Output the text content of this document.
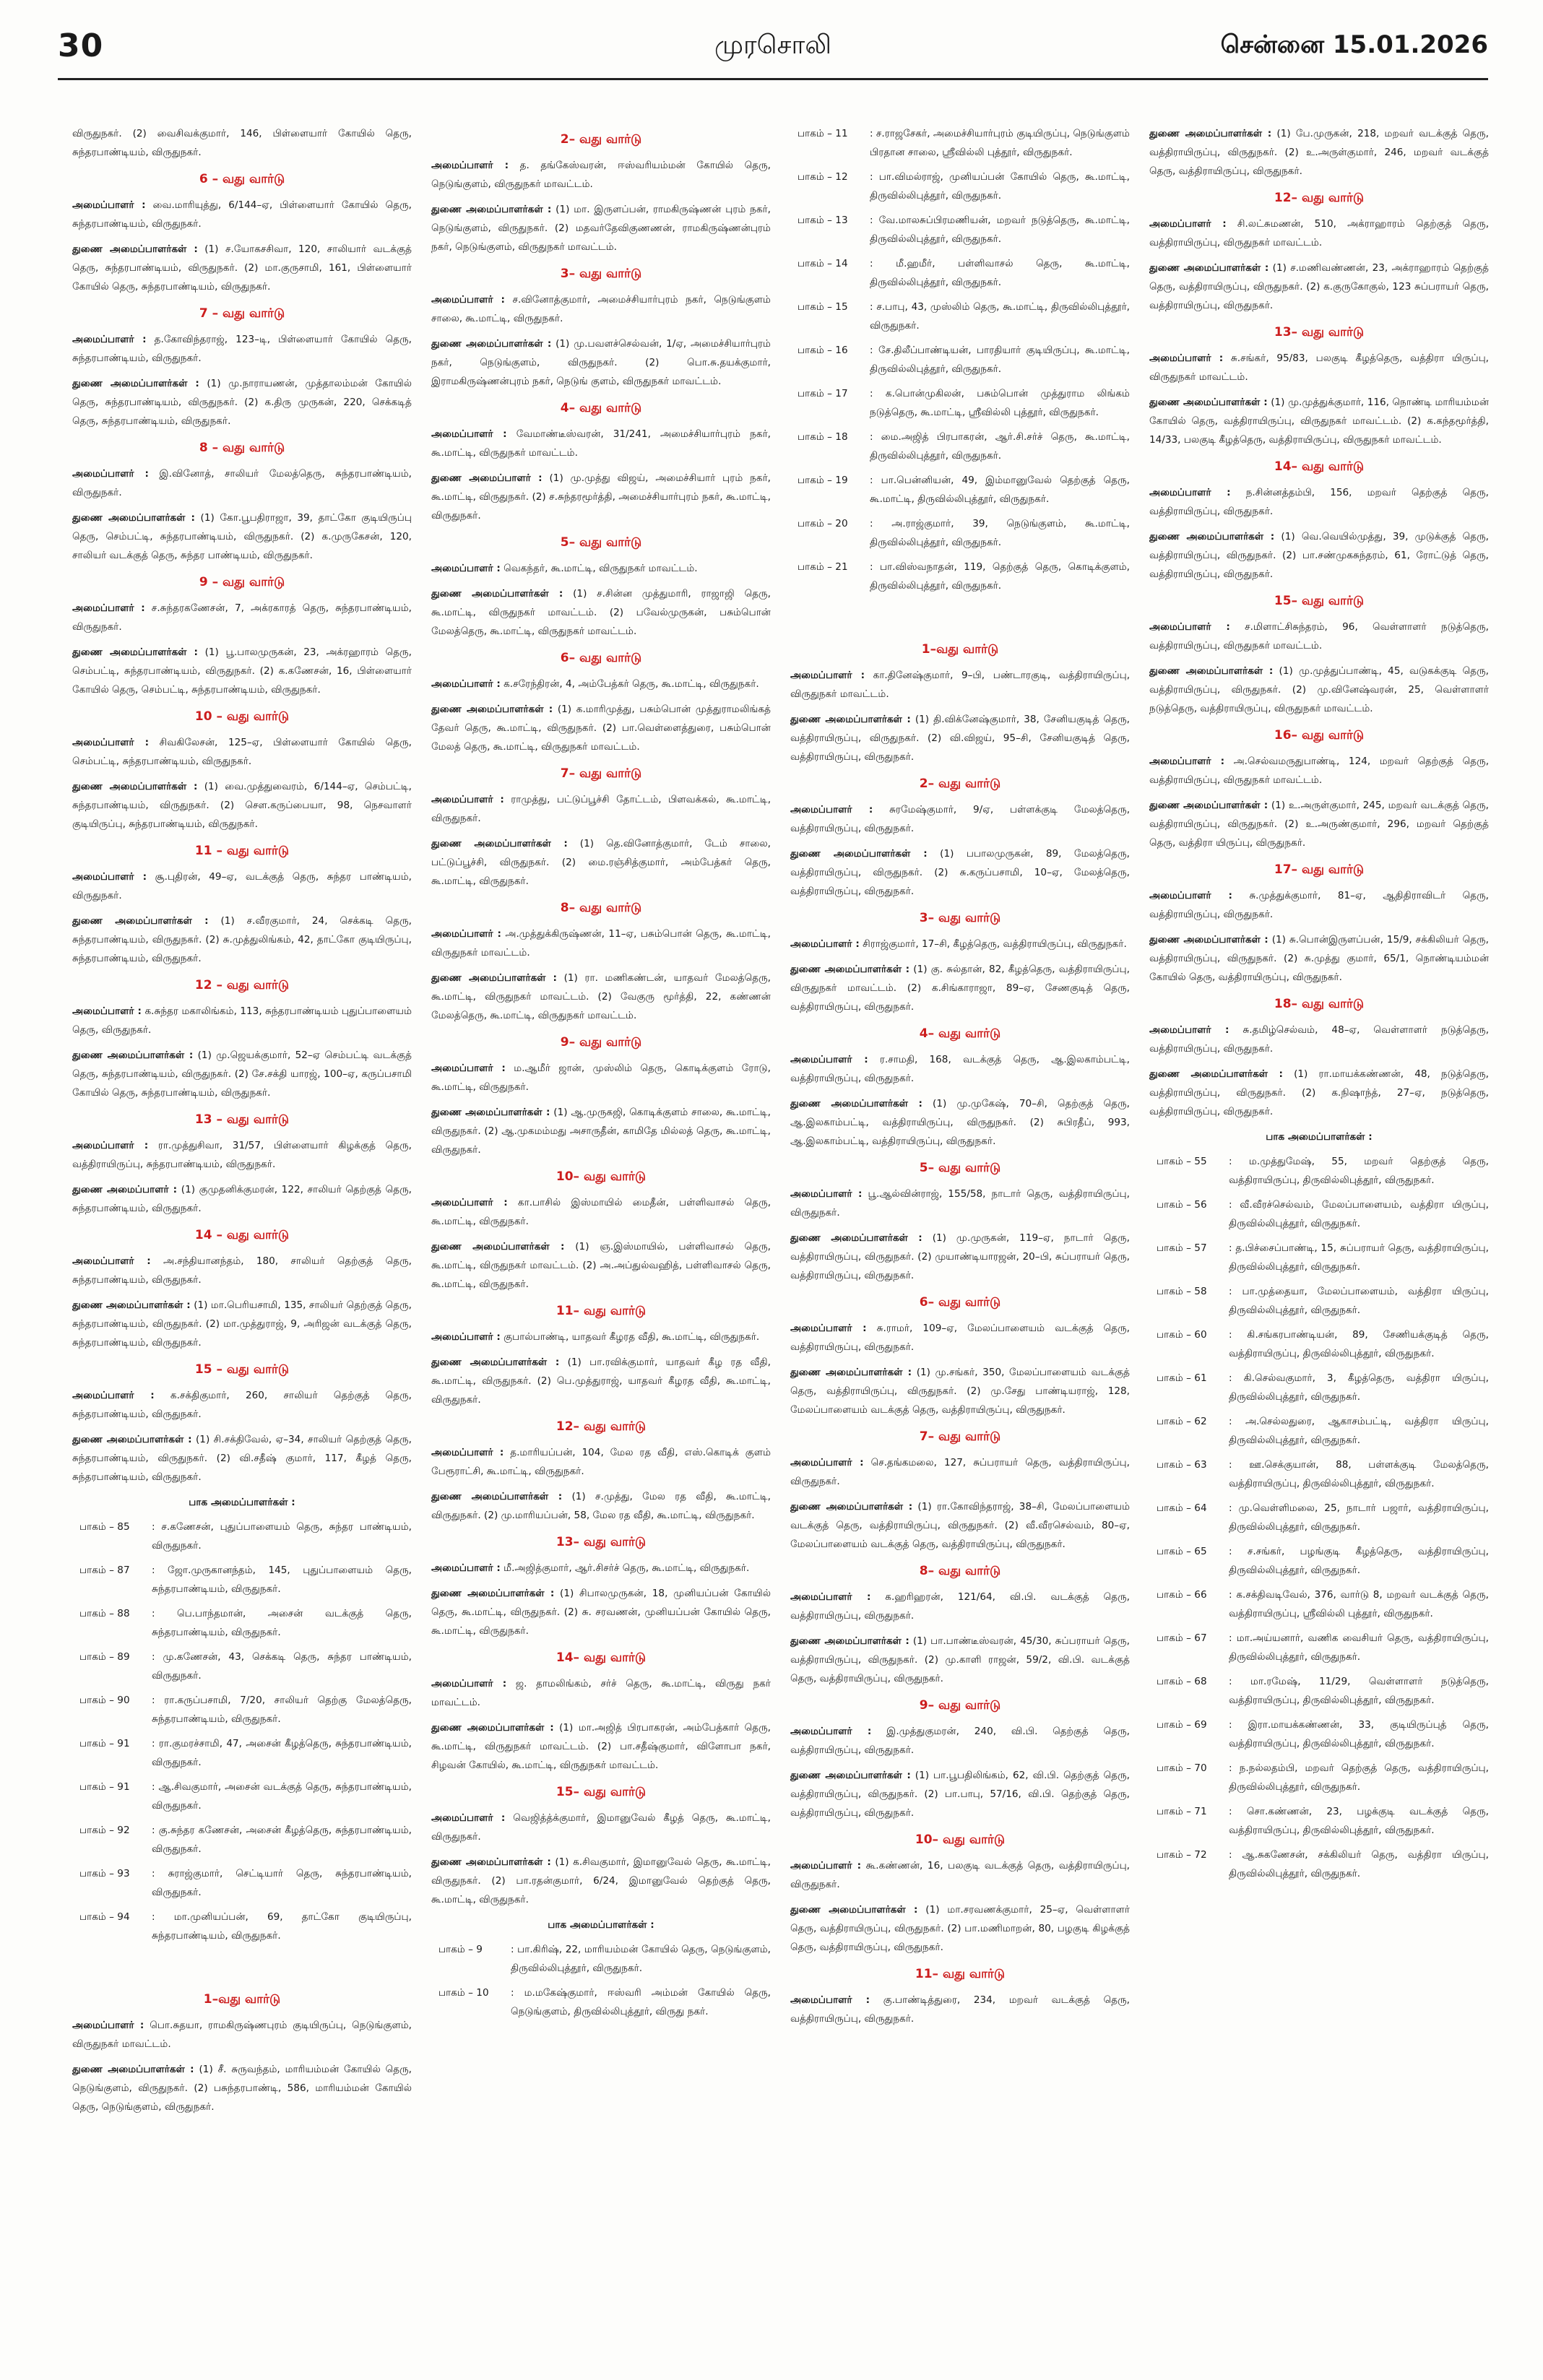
30	முரசொலி	சென்னை 15.01.2026

விருதுநகர். (2) வைசிவக்குமார், 146, பிள்ளையார் கோயில் தெரு, சுந்தரபாண்டியம், விருதுநகர்.

6 – வது வார்டு

அமைப்பாளர் : வை.மாரியுத்து, 6/144–ஏ, பிள்ளையார் கோயில் தெரு, சுந்தரபாண்டியம், விருதுநகர்.

துணை அமைப்பாளர்கள் : (1) ச.யோகசசிவா, 120, சாலியார் வடக்குத் தெரு, சுந்தரபாண்டியம், விருதுநகர். (2) மா.குருசாமி, 161, பிள்ளையார் கோயில் தெரு, சுந்தரபாண்டியம், விருதுநகர்.

7 – வது வார்டு

அமைப்பாளர் : த.கோவிந்தராஜ், 123–டி, பிள்ளையார் கோயில் தெரு, சுந்தரபாண்டியம், விருதுநகர்.

துணை அமைப்பாளர்கள் : (1) மு.நாராயணன், முத்தாலம்மன் கோயில் தெரு, சுந்தரபாண்டியம், விருதுநகர். (2) க.திரு முருகன், 220, செக்கடித் தெரு, சுந்தரபாண்டியம், விருதுநகர்.

8 – வது வார்டு

அமைப்பாளர் : இ.வினோத், சாலியர் மேலத்தெரு, சுந்தரபாண்டியம், விருதுநகர்.

துணை அமைப்பாளர்கள் : (1) கோ.பூபதிராஜா, 39, தாட்கோ குடியிருப்பு தெரு, செம்பட்டி, சுந்தரபாண்டியம், விருதுநகர். (2) க.முருகேசன், 120, சாலியர் வடக்குத் தெரு, சுந்தர பாண்டியம், விருதுநகர்.

9 – வது வார்டு

அமைப்பாளர் : ச.சுந்தரகணேசன், 7, அக்ரகாரத் தெரு, சுந்தரபாண்டியம், விருதுநகர்.

துணை அமைப்பாளர்கள் : (1) பூ.பாலமுருகன், 23, அக்ரஹாரம் தெரு, செம்பட்டி, சுந்தரபாண்டியம், விருதுநகர். (2) க.கணேசன், 16, பிள்ளையார் கோயில் தெரு, செம்பட்டி, சுந்தரபாண்டியம், விருதுநகர்.

10 – வது வார்டு

அமைப்பாளர் : சிவகிலேசன், 125–ஏ, பிள்ளையார் கோயில் தெரு, செம்பட்டி, சுந்தரபாண்டியம், விருதுநகர்.

துணை அமைப்பாளர்கள் : (1) வை.முத்துவைரம், 6/144–ஏ, செம்பட்டி, சுந்தரபாண்டியம், விருதுநகர். (2) சௌ.கருப்பையா, 98, நெசவாளர் குடியிருப்பு, சுந்தரபாண்டியம், விருதுநகர்.

11 – வது வார்டு

அமைப்பாளர் : சூ.புதிரன், 49–ஏ, வடக்குத் தெரு, சுந்தர பாண்டியம், விருதுநகர்.

துணை அமைப்பாளர்கள் : (1) ச.வீரகுமார், 24, செக்கடி தெரு, சுந்தரபாண்டியம், விருதுநகர். (2) சு.முத்துலிங்கம், 42, தாட்கோ குடியிருப்பு, சுந்தரபாண்டியம், விருதுநகர்.

12 – வது வார்டு

அமைப்பாளர் : க.சுந்தர மகாலிங்கம், 113, சுந்தரபாண்டியம் புதுப்பாளையம் தெரு, விருதுநகர்.

துணை அமைப்பாளர்கள் : (1) மு.ஜெயக்குமார், 52–ஏ செம்பட்டி வடக்குத் தெரு, சுந்தரபாண்டியம், விருதுநகர். (2) சே.சக்தி யாரஜ், 100–ஏ, கருப்பசாமி கோயில் தெரு, சுந்தரபாண்டியம், விருதுநகர்.

13 – வது வார்டு

அமைப்பாளர் : ரா.முத்துசிவா, 31/57, பிள்ளையார் கிழக்குத் தெரு, வத்திராயிருப்பு, சுந்தரபாண்டியம், விருதுநகர்.

துணை அமைப்பாளர் : (1) குமுதனிக்குமரன், 122, சாலியர் தெற்குத் தெரு, சுந்தரபாண்டியம், விருதுநகர்.

14 – வது வார்டு

அமைப்பாளர் : அ.சந்தியானந்தம், 180, சாலியர் தெற்குத் தெரு, சுந்தரபாண்டியம், விருதுநகர்.

துணை அமைப்பாளர்கள் : (1) மா.பெரியசாமி, 135, சாலியர் தெற்குத் தெரு, சுந்தரபாண்டியம், விருதுநகர். (2) மா.முத்துராஜ், 9, அரிஜன் வடக்குத் தெரு, சுந்தரபாண்டியம், விருதுநகர்.

15 – வது வார்டு

அமைப்பாளர் : க.சக்திகுமார், 260, சாலியர் தெற்குத் தெரு, சுந்தரபாண்டியம், விருதுநகர்.

துணை அமைப்பாளர்கள் : (1) சி.சக்திவேல், ஏ–34, சாலியர் தெற்குத் தெரு, சுந்தரபாண்டியம், விருதுநகர். (2) வி.சதீஷ் குமார், 117, கீழத் தெரு, சுந்தரபாண்டியம், விருதுநகர்.

பாக அமைப்பாளர்கள் :
பாகம் – 85	: ச.கணேசன், புதுப்பாளையம் தெரு, சுந்தர பாண்டியம், விருதுநகர்.
பாகம் – 87	: ஜோ.முருகானந்தம், 145, புதுப்பாளையம் தெரு, சுந்தரபாண்டியம், விருதுநகர்.
பாகம் – 88	: பெ.பாந்தமான், அசைன் வடக்குத் தெரு, சுந்தரபாண்டியம், விருதுநகர்.
பாகம் – 89	: மு.கணேசன், 43, செக்கடி தெரு, சுந்தர பாண்டியம், விருதுநகர்.
பாகம் – 90	: ரா.கருப்பசாமி, 7/20, சாலியர் தெற்கு மேலத்தெரு, சுந்தரபாண்டியம், விருதுநகர்.
பாகம் – 91	: ரா.குமரச்சாமி, 47, அசைன் கீழத்தெரு, சுந்தரபாண்டியம், விருதுநகர்.
பாகம் – 91	: ஆ.சிவகுமார், அசைன் வடக்குத் தெரு, சுந்தரபாண்டியம், விருதுநகர்.
பாகம் – 92	: கு.சுந்தர கணேசன், அசைன் கீழத்தெரு, சுந்தரபாண்டியம், விருதுநகர்.
பாகம் – 93	: சுராஜ்குமார், செட்டியார் தெரு, சுந்தரபாண்டியம், விருதுநகர்.
பாகம் – 94	: மா.முனியப்பன், 69, தாட்கோ குடியிருப்பு, சுந்தரபாண்டியம், விருதுநகர்.
1–வது வார்டு

அமைப்பாளர் : பொ.சுதயா, ராமகிருஷ்ணபுரம் குடியிருப்பு, நெடுங்குளம், விருதுநகர் மாவட்டம்.

துணை அமைப்பாளர்கள் : (1) சீ. சுருவந்தம், மாரியம்மன் கோயில் தெரு, நெடுங்குளம், விருதுநகர். (2) பசுந்தரபாண்டி, 586, மாரியம்மன் கோயில் தெரு, நெடுங்குளம், விருதுநகர்.

2– வது வார்டு

அமைப்பாளர் : த. தங்கேஸ்வரன், ஈஸ்வரியம்மன் கோயில் தெரு, நெடுங்குளம், விருதுநகர் மாவட்டம்.

துணை அமைப்பாளர்கள் : (1) மா. இருளப்பன், ராமகிருஷ்ணன் புரம் நகர், நெடுங்குளம், விருதுநகர். (2) மதவர்தேவிகுணணன், ராமகிருஷ்ணன்புரம் நகர், நெடுங்குளம், விருதுநகர் மாவட்டம்.

3– வது வார்டு

அமைப்பாளர் : ச.வினோத்குமார், அமைச்சியார்புரம் நகர், நெடுங்குளம் சாலை, கூ.மாட்டி, விருதுநகர்.

துணை அமைப்பாளர்கள் : (1) மு.பவளச்செல்வன், 1/ஏ, அமைச்சியார்புரம் நகர், நெடுங்குளம், விருதுநகர். (2) பொ.சு.தயக்குமார், இராமகிருஷ்ணன்புரம் நகர், நெடுங் குளம், விருதுநகர் மாவட்டம்.

4– வது வார்டு

அமைப்பாளர் : வேமாண்டீஸ்வரன், 31/241, அமைச்சியார்புரம் நகர், கூ.மாட்டி, விருதுநகர் மாவட்டம்.

துணை அமைப்பாளர் : (1) மு.முத்து விஜய், அமைச்சியார் புரம் நகர், கூ.மாட்டி, விருதுநகர். (2) ச.சுந்தரமூர்த்தி, அமைச்சியார்புரம் நகர், கூ.மாட்டி, விருதுநகர்.

5– வது வார்டு

அமைப்பாளர் : வெகந்தர், கூ.மாட்டி, விருதுநகர் மாவட்டம்.

துணை அமைப்பாளர்கள் : (1) ச.சின்ன முத்துமாரி, ராஜாஜி தெரு, கூ.மாட்டி, விருதுநகர் மாவட்டம். (2) பவேல்முருகன், பசும்பொன் மேலத்தெரு, கூ.மாட்டி, விருதுநகர் மாவட்டம்.

6– வது வார்டு

அமைப்பாளர் : க.சரேந்திரன், 4, அம்பேத்கர் தெரு, கூ.மாட்டி, விருதுநகர்.

துணை அமைப்பாளர்கள் : (1) க.மாரிமுத்து, பசும்பொன் முத்துராமலிங்கத் தேவர் தெரு, கூ.மாட்டி, விருதுநகர். (2) பா.வெள்ளைத்துரை, பசும்பொன் மேலத் தெரு, கூ.மாட்டி, விருதுநகர் மாவட்டம்.

7– வது வார்டு

அமைப்பாளர் : ராமுத்து, பட்டுப்பூச்சி தோட்டம், பிளவக்கல், கூ.மாட்டி, விருதுநகர்.

துணை அமைப்பாளர்கள் : (1) தெ.வினோத்குமார், டேம் சாலை, பட்டுப்பூச்சி, விருதுநகர். (2) மை.ரஞ்சித்குமார், அம்பேத்கர் தெரு, கூ.மாட்டி, விருதுநகர்.

8– வது வார்டு

அமைப்பாளர் : அ.முத்துக்கிருஷ்ணன், 11–ஏ, பசும்பொன் தெரு, கூ.மாட்டி, விருதுநகர் மாவட்டம்.

துணை அமைப்பாளர்கள் : (1) ரா. மணிகண்டன், யாதவர் மேலத்தெரு, கூ.மாட்டி, விருதுநகர் மாவட்டம். (2) வேகுரு மூர்த்தி, 22, கண்ணன் மேலத்தெரு, கூ.மாட்டி, விருதுநகர் மாவட்டம்.

9– வது வார்டு

அமைப்பாளர் : ம.ஆமீர் ஜான், முஸ்லிம் தெரு, கொடிக்குளம் ரோடு, கூ.மாட்டி, விருதுநகர்.

துணை அமைப்பாளர்கள் : (1) ஆ.முருகஜி, கொடிக்குளம் சாலை, கூ.மாட்டி, விருதுநகர். (2) ஆ.முகமம்மது அசாருதீன், காமிதே மில்லத் தெரு, கூ.மாட்டி, விருதுநகர்.

10– வது வார்டு

அமைப்பாளர் : கா.பாசில் இஸ்மாயில் மைதீன், பள்ளிவாசல் தெரு, கூ.மாட்டி, விருதுநகர்.

துணை அமைப்பாளர்கள் : (1) ஞ.இஸ்மாயில், பள்ளிவாசல் தெரு, கூ.மாட்டி, விருதுநகர் மாவட்டம். (2) அ.அப்துல்வஹித், பள்ளிவாசல் தெரு, கூ.மாட்டி, விருதுநகர்.

11– வது வார்டு

அமைப்பாளர் : குபால்பாண்டி, யாதவர் கீழரத வீதி, கூ.மாட்டி, விருதுநகர்.

துணை அமைப்பாளர்கள் : (1) பா.ரவிக்குமார், யாதவர் கீழ ரத வீதி, கூ.மாட்டி, விருதுநகர். (2) பெ.முத்துராஜ், யாதவர் கீழரத வீதி, கூ.மாட்டி, விருதுநகர்.

12– வது வார்டு

அமைப்பாளர் : த.மாரியப்பன், 104, மேல ரத வீதி, எஸ்.கொடிக் குளம் பேரூராட்சி, கூ.மாட்டி, விருதுநகர்.

துணை அமைப்பாளர்கள் : (1) ச.முத்து, மேல ரத வீதி, கூ.மாட்டி, விருதுநகர். (2) மு.மாரியப்பன், 58, மேல ரத வீதி, கூ.மாட்டி, விருதுநகர்.

13– வது வார்டு

அமைப்பாளர் : மீ.அஜித்குமார், ஆர்.சிசர்ச் தெரு, கூ.மாட்டி, விருதுநகர்.

துணை அமைப்பாளர்கள் : (1) சிபாலமுருகன், 18, முனியப்பன் கோயில் தெரு, கூ.மாட்டி, விருதுநகர். (2) சு. சரவணன், முனியப்பன் கோயில் தெரு, கூ.மாட்டி, விருதுநகர்.

14– வது வார்டு

அமைப்பாளர் : ஜ. தாமலிங்கம், சர்ச் தெரு, கூ.மாட்டி, விருது நகர் மாவட்டம்.

துணை அமைப்பாளர்கள் : (1) மா.அஜித் பிரபாகரன், அம்பேத்கார் தெரு, கூ.மாட்டி, விருதுநகர் மாவட்டம். (2) பா.சதீஷ்குமார், விளோபா நகர், சிழவன் கோயில், கூ.மாட்டி, விருதுநகர் மாவட்டம்.

15– வது வார்டு

அமைப்பாளர் : வெஜித்த்க்குமார், இமானுவேல் கீழத் தெரு, கூ.மாட்டி, விருதுநகர்.

துணை அமைப்பாளர்கள் : (1) க.சிவகுமார், இமானுவேல் தெரு, கூ.மாட்டி, விருதுநகர். (2) பா.ரதன்குமார், 6/24, இமானுவேல் தெற்குத் தெரு, கூ.மாட்டி, விருதுநகர்.

பாக அமைப்பாளர்கள் :
பாகம் – 9	: பா.கிரிஷ், 22, மாரியம்மன் கோயில் தெரு, நெடுங்குளம், திருவில்லிபுத்தூர், விருதுநகர்.
பாகம் – 10	: ம.மகேஷ்குமார், ஈஸ்வரி அம்மன் கோயில் தெரு, நெடுங்குளம், திருவில்லிபுத்தூர், விருது நகர்.
பாகம் – 11	: ச.ராஜசேகர், அமைச்சியார்புரம் குடியிருப்பு, நெடுங்குளம் பிரதான சாலை, ஸ்ரீவில்லி புத்தூர், விருதுநகர்.
பாகம் – 12	: பா.விமல்ராஜ், முனியப்பன் கோயில் தெரு, கூ.மாட்டி, திருவில்லிபுத்தூர், விருதுநகர்.
பாகம் – 13	: வே.மாலசுப்பிரமணியன், மறவர் நடுத்தெரு, கூ.மாட்டி, திருவில்லிபுத்தூர், விருதுநகர்.
பாகம் – 14	: மீ.ஹமீர், பள்ளிவாசல் தெரு, கூ.மாட்டி, திருவில்லிபுத்தூர், விருதுநகர்.
பாகம் – 15	: ச.பாபு, 43, முஸ்லிம் தெரு, கூ.மாட்டி, திருவில்லிபுத்தூர், விருதுநகர்.
பாகம் – 16	: சே.திலீப்பாண்டியன், பாரதியார் குடியிருப்பு, கூ.மாட்டி, திருவில்லிபுத்தூர், விருதுநகர்.
பாகம் – 17	: க.பொன்முகிலன், பசும்பொன் முத்துராம லிங்கம் நடுத்தெரு, கூ.மாட்டி, ஸ்ரீவில்லி புத்தூர், விருதுநகர்.
பாகம் – 18	: மை.அஜித் பிரபாகரன், ஆர்.சி.சர்ச் தெரு, கூ.மாட்டி, திருவில்லிபுத்தூர், விருதுநகர்.
பாகம் – 19	: பா.பென்னியன், 49, இம்மானுவேல் தெற்குத் தெரு, கூ.மாட்டி, திருவில்லிபுத்தூர், விருதுநகர்.
பாகம் – 20	: அ.ராஜ்குமார், 39, நெடுங்குளம், கூ.மாட்டி, திருவில்லிபுத்தூர், விருதுநகர்.
பாகம் – 21	: பா.விஸ்வநாதன், 119, தெற்குத் தெரு, கொடிக்குளம், திருவில்லிபுத்தூர், விருதுநகர்.
1–வது வார்டு

அமைப்பாளர் : கா.தினேஷ்குமார், 9–பி, பண்டாரகுடி, வத்திராயிருப்பு, விருதுநகர் மாவட்டம்.

துணை அமைப்பாளர்கள் : (1) தி.விக்னேஷ்குமார், 38, சேனியகுடித் தெரு, வத்திராயிருப்பு, விருதுநகர். (2) வி.விஜய், 95–சி, சேனியகுடித் தெரு, வத்திராயிருப்பு, விருதுநகர்.

2– வது வார்டு

அமைப்பாளர் : சுரமேஷ்குமார், 9/ஏ, பள்ளக்குடி மேலத்தெரு, வத்திராயிருப்பு, விருதுநகர்.

துணை அமைப்பாளர்கள் : (1) பபாலமுருகன், 89, மேலத்தெரு, வத்திராயிருப்பு, விருதுநகர். (2) சு.கருப்பசாமி, 10–ஏ, மேலத்தெரு, வத்திராயிருப்பு, விருதுநகர்.

3– வது வார்டு

அமைப்பாளர் : சிராஜ்குமார், 17–சி, கீழத்தெரு, வத்திராயிருப்பு, விருதுநகர்.

துணை அமைப்பாளர்கள் : (1) கு. சுல்தான், 82, கீழத்தெரு, வத்திராயிருப்பு, விருதுநகர் மாவட்டம். (2) க.சிங்காராஜா, 89–ஏ, சேணகுடித் தெரு, வத்திராயிருப்பு, விருதுநகர்.

4– வது வார்டு

அமைப்பாளர் : ர.சாமதி, 168, வடக்குத் தெரு, ஆ.இலகாம்பட்டி, வத்திராயிருப்பு, விருதுநகர்.

துணை அமைப்பாளர்கள் : (1) மு.முகேஷ், 70–சி, தெற்குத் தெரு, ஆ.இலகாம்பட்டி, வத்திராயிருப்பு, விருதுநகர். (2) சுபிரதீப், 993, ஆ.இலகாம்பட்டி, வத்திராயிருப்பு, விருதுநகர்.

5– வது வார்டு

அமைப்பாளர் : பூ.ஆல்வின்ராஜ், 155/58, நாடார் தெரு, வத்திராயிருப்பு, விருதுநகர்.

துணை அமைப்பாளர்கள் : (1) மு.முருகன், 119–ஏ, நாடார் தெரு, வத்திராயிருப்பு, விருதுநகர். (2) முயாண்டியாரஜன், 20–பி, சுப்பராயர் தெரு, வத்திராயிருப்பு, விருதுநகர்.

6– வது வார்டு

அமைப்பாளர் : சு.ராமர், 109–ஏ, மேலப்பாளையம் வடக்குத் தெரு, வத்திராயிருப்பு, விருதுநகர்.

துணை அமைப்பாளர்கள் : (1) மு.சங்கர், 350, மேலப்பாளையம் வடக்குத் தெரு, வத்திராயிருப்பு, விருதுநகர். (2) மு.சேது பாண்டியராஜ், 128, மேலப்பாளையம் வடக்குத் தெரு, வத்திராயிருப்பு, விருதுநகர்.

7– வது வார்டு

அமைப்பாளர் : செ.தங்கமலை, 127, சுப்பராயர் தெரு, வத்திராயிருப்பு, விருதுநகர்.

துணை அமைப்பாளர்கள் : (1) ரா.கோவிந்தராஜ், 38–சி, மேலப்பாளையம் வடக்குத் தெரு, வத்திராயிருப்பு, விருதுநகர். (2) வீ.வீரசெல்வம், 80–ஏ, மேலப்பாளையம் வடக்குத் தெரு, வத்திராயிருப்பு, விருதுநகர்.

8– வது வார்டு

அமைப்பாளர் : க.ஹரிஹரன், 121/64, வி.பி. வடக்குத் தெரு, வத்திராயிருப்பு, விருதுநகர்.

துணை அமைப்பாளர்கள் : (1) பா.பாண்டீஸ்வரன், 45/30, சுப்பராயர் தெரு, வத்திராயிருப்பு, விருதுநகர். (2) மு.காளி ராஜன், 59/2, வி.பி. வடக்குத் தெரு, வத்திராயிருப்பு, விருதுநகர்.

9– வது வார்டு

அமைப்பாளர் : இ.முத்துகுமரன், 240, வி.பி. தெற்குத் தெரு, வத்திராயிருப்பு, விருதுநகர்.

துணை அமைப்பாளர்கள் : (1) பா.பூபதிலிங்கம், 62, வி.பி. தெற்குத் தெரு, வத்திராயிருப்பு, விருதுநகர். (2) பா.பாபு, 57/16, வி.பி. தெற்குத் தெரு, வத்திராயிருப்பு, விருதுநகர்.

10– வது வார்டு

அமைப்பாளர் : கூ.கண்ணன், 16, பலகுடி வடக்குத் தெரு, வத்திராயிருப்பு, விருதுநகர்.

துணை அமைப்பாளர்கள் : (1) மா.சரவணக்குமார், 25–ஏ, வெள்ளாளர் தெரு, வத்திராயிருப்பு, விருதுநகர். (2) பா.மணிமாறன், 80, பழகுடி கிழக்குத் தெரு, வத்திராயிருப்பு, விருதுநகர்.

11– வது வார்டு

அமைப்பாளர் : கு.பாண்டித்துரை, 234, மறவர் வடக்குத் தெரு, வத்திராயிருப்பு, விருதுநகர்.

துணை அமைப்பாளர்கள் : (1) பே.முருகன், 218, மறவர் வடக்குத் தெரு, வத்திராயிருப்பு, விருதுநகர். (2) உ.அருள்குமார், 246, மறவர் வடக்குத் தெரு, வத்திராயிருப்பு, விருதுநகர்.

12– வது வார்டு

அமைப்பாளர் : சி.லட்சுமணன், 510, அக்ராஹாரம் தெற்குத் தெரு, வத்திராயிருப்பு, விருதுநகர் மாவட்டம்.

துணை அமைப்பாளர்கள் : (1) ச.மணிவண்ணன், 23, அக்ராஹாரம் தெற்குத் தெரு, வத்திராயிருப்பு, விருதுநகர். (2) க.குருகோகுல், 123 சுப்பராயர் தெரு, வத்திராயிருப்பு, விருதுநகர்.

13– வது வார்டு

அமைப்பாளர் : சு.சங்கர், 95/83, பலகுடி கீழத்தெரு, வத்திரா யிருப்பு, விருதுநகர் மாவட்டம்.

துணை அமைப்பாளர்கள் : (1) மு.முத்துக்குமார், 116, நொண்டி மாரியம்மன் கோயில் தெரு, வத்திராயிருப்பு, விருதுநகர் மாவட்டம். (2) க.கந்தமூர்த்தி, 14/33, பலகுடி கீழத்தெரு, வத்திராயிருப்பு, விருதுநகர் மாவட்டம்.

14– வது வார்டு

அமைப்பாளர் : ந.சின்னத்தம்பி, 156, மறவர் தெற்குத் தெரு, வத்திராயிருப்பு, விருதுநகர்.

துணை அமைப்பாளர்கள் : (1) வெ.வெயில்முத்து, 39, முடுக்குத் தெரு, வத்திராயிருப்பு, விருதுநகர். (2) பா.சண்முகசுந்தரம், 61, ரோட்டுத் தெரு, வத்திராயிருப்பு, விருதுநகர்.

15– வது வார்டு

அமைப்பாளர் : ச.மிளாட்சிசுந்தரம், 96, வெள்ளாளர் நடுத்தெரு, வத்திராயிருப்பு, விருதுநகர் மாவட்டம்.

துணை அமைப்பாளர்கள் : (1) மு.முத்துப்பாண்டி, 45, வடுகக்குடி தெரு, வத்திராயிருப்பு, விருதுநகர். (2) மு.வினேஷ்வரன், 25, வெள்ளாளர் நடுத்தெரு, வத்திராயிருப்பு, விருதுநகர் மாவட்டம்.

16– வது வார்டு

அமைப்பாளர் : அ.செல்வமருதுபாண்டி, 124, மறவர் தெற்குத் தெரு, வத்திராயிருப்பு, விருதுநகர் மாவட்டம்.

துணை அமைப்பாளர்கள் : (1) உ.அருள்குமார், 245, மறவர் வடக்குத் தெரு, வத்திராயிருப்பு, விருதுநகர். (2) உ.அருண்குமார், 296, மறவர் தெற்குத் தெரு, வத்திரா யிருப்பு, விருதுநகர்.

17– வது வார்டு

அமைப்பாளர் : சு.முத்துக்குமார், 81–ஏ, ஆதிதிராவிடர் தெரு, வத்திராயிருப்பு, விருதுநகர்.

துணை அமைப்பாளர்கள் : (1) சு.பொன்இருளப்பன், 15/9, சக்கிலியர் தெரு, வத்திராயிருப்பு, விருதுநகர். (2) சு.முத்து குமார், 65/1, நொண்டியம்மன் கோயில் தெரு, வத்திராயிருப்பு, விருதுநகர்.

18– வது வார்டு

அமைப்பாளர் : சு.தமிழ்செல்வம், 48–ஏ, வெள்ளாளர் நடுத்தெரு, வத்திராயிருப்பு, விருதுநகர்.

துணை அமைப்பாளர்கள் : (1) ரா.மாயக்கண்ணன், 48, நடுத்தெரு, வத்திராயிருப்பு, விருதுநகர். (2) க.நிஷாந்த், 27–ஏ, நடுத்தெரு, வத்திராயிருப்பு, விருதுநகர்.

பாக அமைப்பாளர்கள் :
பாகம் – 55	: ம.முத்துமேஷ், 55, மறவர் தெற்குத் தெரு, வத்திராயிருப்பு, திருவில்லிபுத்தூர், விருதுநகர்.
பாகம் – 56	: வீ.வீரச்செல்வம், மேலப்பாளையம், வத்திரா யிருப்பு, திருவில்லிபுத்தூர், விருதுநகர்.
பாகம் – 57	: த.பிச்சைப்பாண்டி, 15, சுப்பராயர் தெரு, வத்திராயிருப்பு, திருவில்லிபுத்தூர், விருதுநகர்.
பாகம் – 58	: பா.முத்தையா, மேலப்பாளையம், வத்திரா யிருப்பு, திருவில்லிபுத்தூர், விருதுநகர்.
பாகம் – 60	: கி.சங்கரபாண்டியன், 89, சேணியக்குடித் தெரு, வத்திராயிருப்பு, திருவில்லிபுத்தூர், விருதுநகர்.
பாகம் – 61	: கி.செல்வகுமார், 3, கீழத்தெரு, வத்திரா யிருப்பு, திருவில்லிபுத்தூர், விருதுநகர்.
பாகம் – 62	: அ.செல்லதுரை, ஆகாசம்பட்டி, வத்திரா யிருப்பு, திருவில்லிபுத்தூர், விருதுநகர்.
பாகம் – 63	: ஊ.செக்குயான், 88, பள்ளக்குடி மேலத்தெரு, வத்திராயிருப்பு, திருவில்லிபுத்தூர், விருதுநகர்.
பாகம் – 64	: மு.வெள்ளிமலை, 25, நாடார் பஜார், வத்திராயிருப்பு, திருவில்லிபுத்தூர், விருதுநகர்.
பாகம் – 65	: ச.சங்கர், பழங்குடி கீழத்தெரு, வத்திராயிருப்பு, திருவில்லிபுத்தூர், விருதுநகர்.
பாகம் – 66	: க.சக்திவடிவேல், 376, வார்டு 8, மறவர் வடக்குத் தெரு, வத்திராயிருப்பு, ஸ்ரீவில்லி புத்தூர், விருதுநகர்.
பாகம் – 67	: மா.அய்யனார், வணிக வைசியர் தெரு, வத்திராயிருப்பு, திருவில்லிபுத்தூர், விருதுநகர்.
பாகம் – 68	: மா.ரமேஷ், 11/29, வெள்ளாளர் நடுத்தெரு, வத்திராயிருப்பு, திருவில்லிபுத்தூர், விருதுநகர்.
பாகம் – 69	: இரா.மாயக்கண்ணன், 33, குடியிருப்புத் தெரு, வத்திராயிருப்பு, திருவில்லிபுத்தூர், விருதுநகர்.
பாகம் – 70	: ந.நல்லதம்பி, மறவர் தெற்குத் தெரு, வத்திராயிருப்பு, திருவில்லிபுத்தூர், விருதுநகர்.
பாகம் – 71	: சொ.கண்ணன், 23, பழக்குடி வடக்குத் தெரு, வத்திராயிருப்பு, திருவில்லிபுத்தூர், விருதுநகர்.
பாகம் – 72	: ஆ.சுகணேசன், சக்கிலியர் தெரு, வத்திரா யிருப்பு, திருவில்லிபுத்தூர், விருதுநகர்.
